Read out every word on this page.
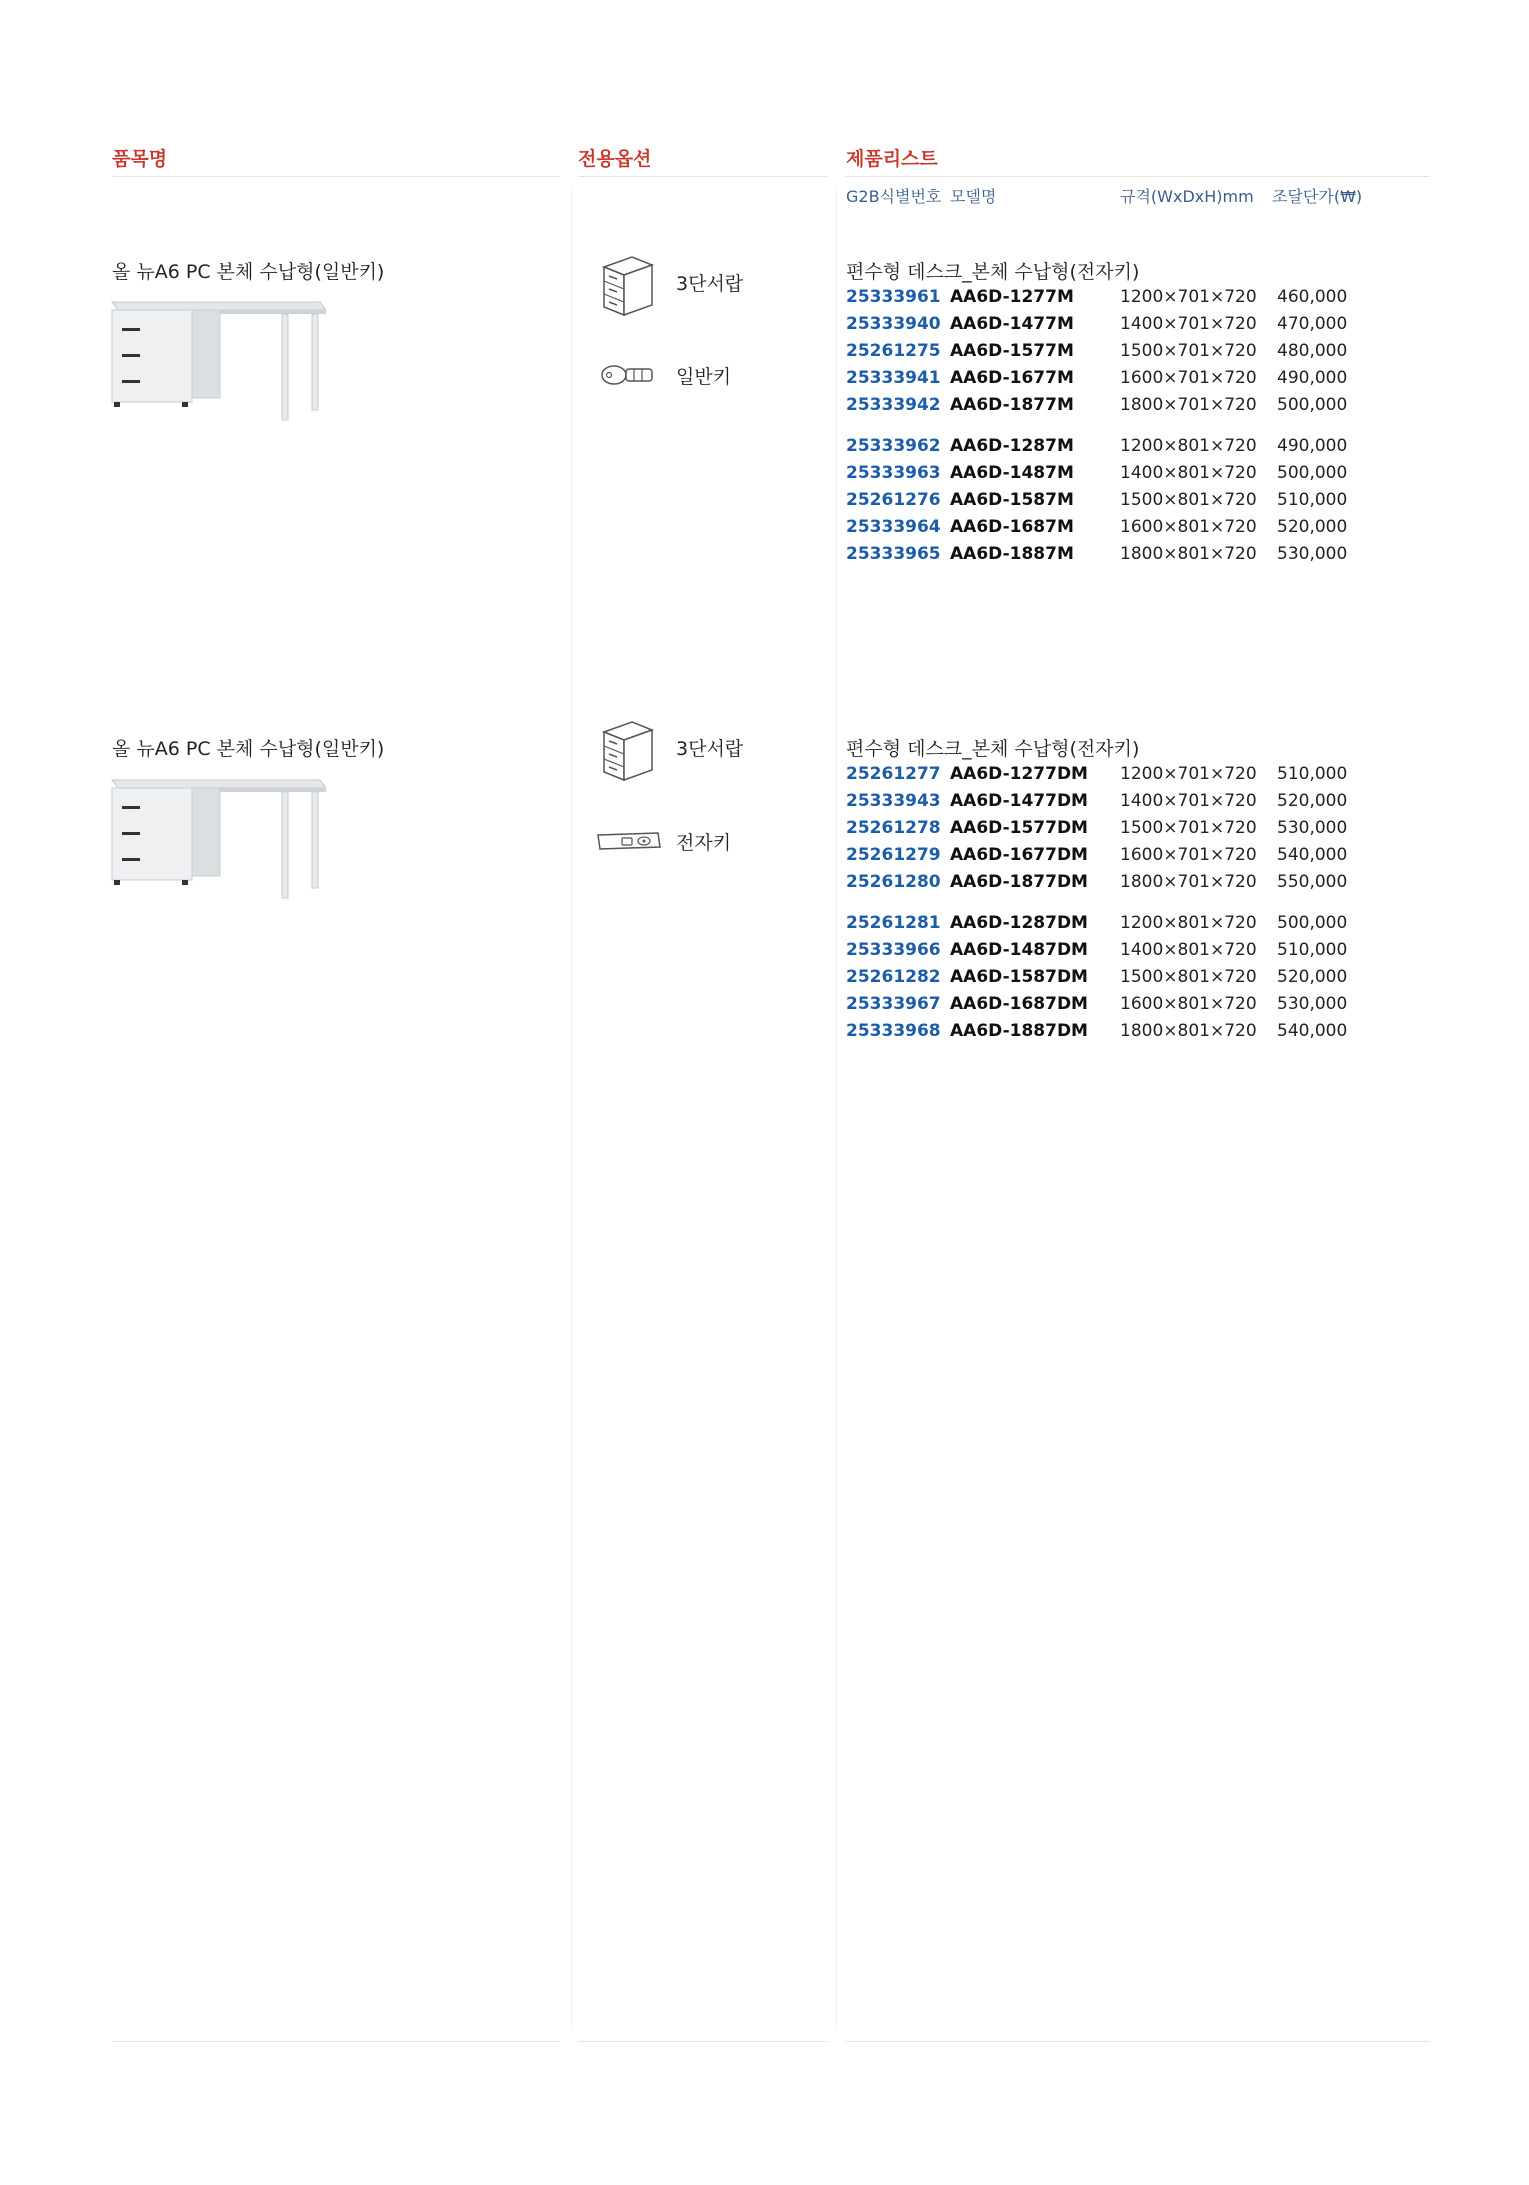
품목명	전용옵션	제품리스트
G2B식별번호 모델명	규격(WxDxH)mm 조달단가(₩)
올 뉴A6 PC 본체 수납형(일반키)
3단서랍
일반키
편수형 데스크_본체 수납형(전자키)
25333961 AA6D-1277M	1200×701×720 460,000
25333940 AA6D-1477M	1400×701×720 470,000
25261275 AA6D-1577M	1500×701×720 480,000
25333941 AA6D-1677M	1600×701×720 490,000
25333942 AA6D-1877M	1800×701×720 500,000
25333962 AA6D-1287M	1200×801×720 490,000
25333963 AA6D-1487M	1400×801×720 500,000
25261276 AA6D-1587M	1500×801×720 510,000
25333964 AA6D-1687M	1600×801×720 520,000
25333965 AA6D-1887M	1800×801×720 530,000
올 뉴A6 PC 본체 수납형(일반키)	3단서랍
전자키
편수형 데스크_본체 수납형(전자키)
25261277 AA6D-1277DM 1200×701×720 510,000
25333943 AA6D-1477DM 1400×701×720 520,000
25261278 AA6D-1577DM 1500×701×720 530,000
25261279 AA6D-1677DM 1600×701×720 540,000
25261280 AA6D-1877DM 1800×701×720 550,000
25261281 AA6D-1287DM 1200×801×720 500,000
25333966 AA6D-1487DM 1400×801×720 510,000
25261282 AA6D-1587DM 1500×801×720 520,000
25333967 AA6D-1687DM 1600×801×720 530,000
25333968 AA6D-1887DM 1800×801×720 540,000
